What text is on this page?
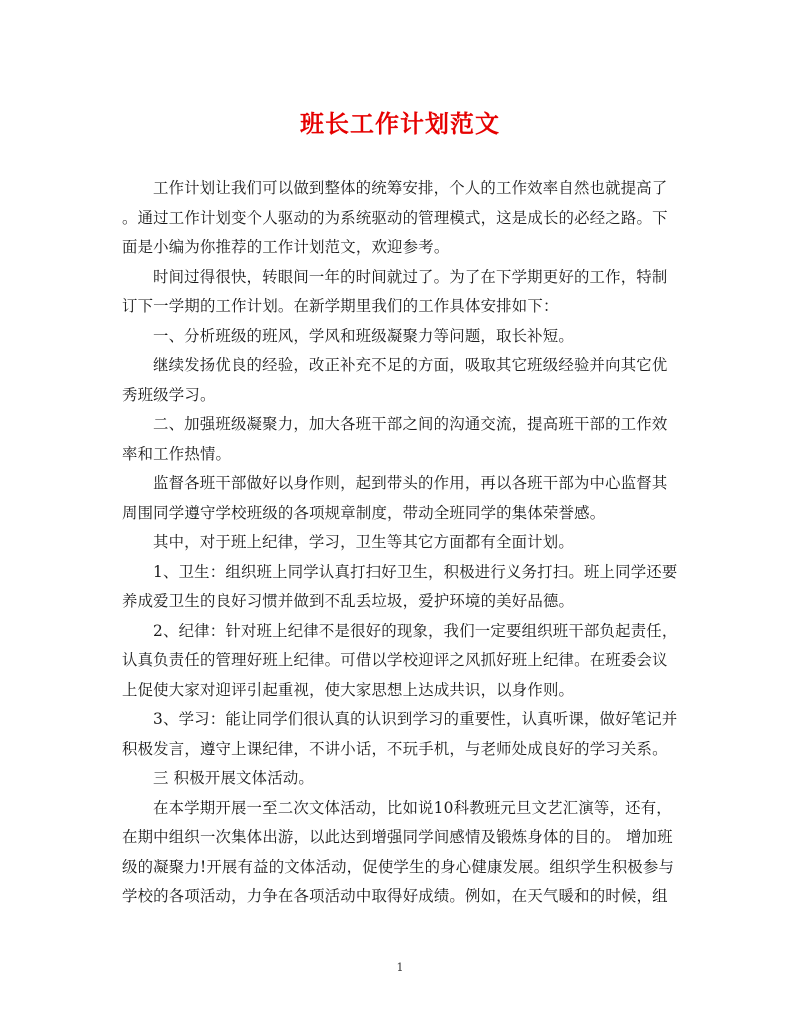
班长工作计划范文
工作计划让我们可以做到整体的统筹安排，个人的工作效率自然也就提高了
。通过工作计划变个人驱动的为系统驱动的管理模式，这是成长的必经之路。下
面是小编为你推荐的工作计划范文，欢迎参考。
时间过得很快，转眼间一年的时间就过了。为了在下学期更好的工作，特制
订下一学期的工作计划。在新学期里我们的工作具体安排如下：
一、分析班级的班风，学风和班级凝聚力等问题，取长补短。
继续发扬优良的经验，改正补充不足的方面，吸取其它班级经验并向其它优
秀班级学习。
二、加强班级凝聚力，加大各班干部之间的沟通交流，提高班干部的工作效
率和工作热情。
监督各班干部做好以身作则，起到带头的作用，再以各班干部为中心监督其
周围同学遵守学校班级的各项规章制度，带动全班同学的集体荣誉感。
其中，对于班上纪律，学习，卫生等其它方面都有全面计划。
1、卫生：组织班上同学认真打扫好卫生，积极进行义务打扫。班上同学还要
养成爱卫生的良好习惯并做到不乱丢垃圾，爱护环境的美好品德。
2、纪律：针对班上纪律不是很好的现象，我们一定要组织班干部负起责任，
认真负责任的管理好班上纪律。可借以学校迎评之风抓好班上纪律。在班委会议
上促使大家对迎评引起重视，使大家思想上达成共识，以身作则。
3、学习：能让同学们很认真的认识到学习的重要性，认真听课，做好笔记并
积极发言，遵守上课纪律，不讲小话，不玩手机，与老师处成良好的学习关系。
三 积极开展文体活动。
在本学期开展一至二次文体活动，比如说10科教班元旦文艺汇演等，还有，
在期中组织一次集体出游，以此达到增强同学间感情及锻炼身体的目的。 增加班
级的凝聚力!开展有益的文体活动，促使学生的身心健康发展。组织学生积极参与
学校的各项活动，力争在各项活动中取得好成绩。例如，在天气暖和的时候，组
1
